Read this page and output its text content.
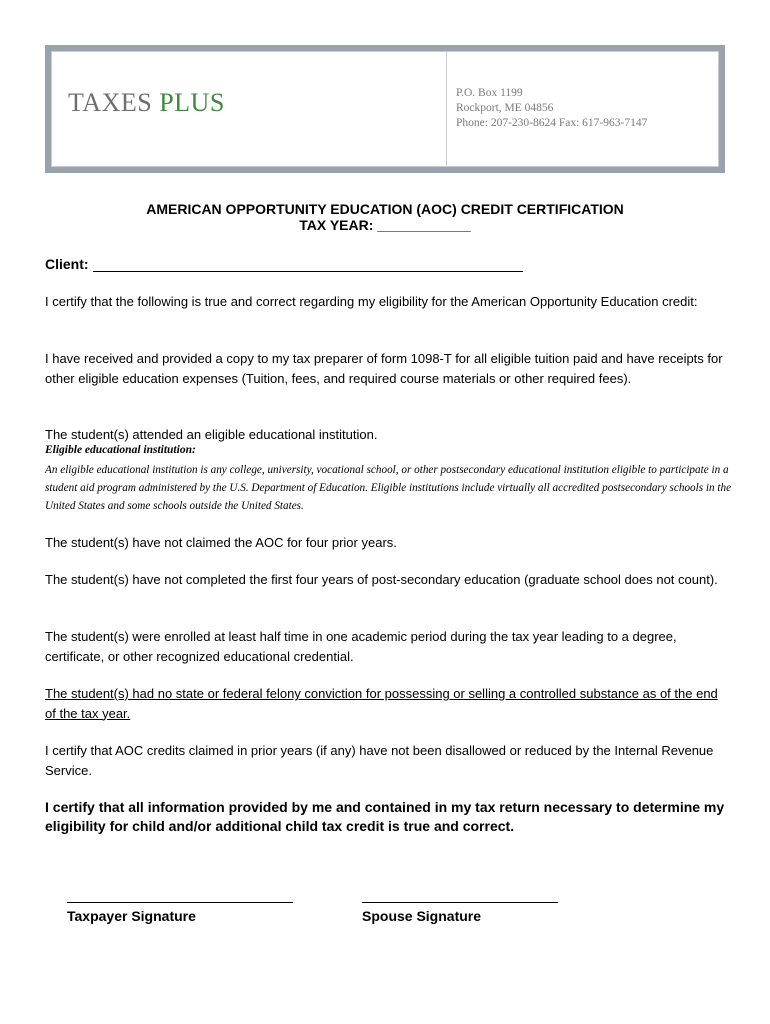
TAXES PLUS	P.O. Box 1199
Rockport, ME 04856
Phone: 207-230-8624 Fax: 617-963-7147
AMERICAN OPPORTUNITY EDUCATION (AOC) CREDIT CERTIFICATION
TAX YEAR: ____________
Client:
I certify that the following is true and correct regarding my eligibility for the American Opportunity Education credit:
I have received and provided a copy to my tax preparer of form 1098-T for all eligible tuition paid and have receipts for other eligible education expenses (Tuition, fees, and required course materials or other required fees).
The student(s) attended an eligible educational institution.
Eligible educational institution:
An eligible educational institution is any college, university, vocational school, or other postsecondary educational institution eligible to participate in a student aid program administered by the U.S. Department of Education. Eligible institutions include virtually all accredited postsecondary schools in the United States and some schools outside the United States.
The student(s) have not claimed the AOC for four prior years.
The student(s) have not completed the first four years of post-secondary education (graduate school does not count).
The student(s) were enrolled at least half time in one academic period during the tax year leading to a degree, certificate, or other recognized educational credential.
The student(s) had no state or federal felony conviction for possessing or selling a controlled substance as of the end of the tax year.
I certify that AOC credits claimed in prior years (if any) have not been disallowed or reduced by the Internal Revenue Service.
I certify that all information provided by me and contained in my tax return necessary to determine my eligibility for child and/or additional child tax credit is true and correct.
Taxpayer Signature	Spouse Signature
